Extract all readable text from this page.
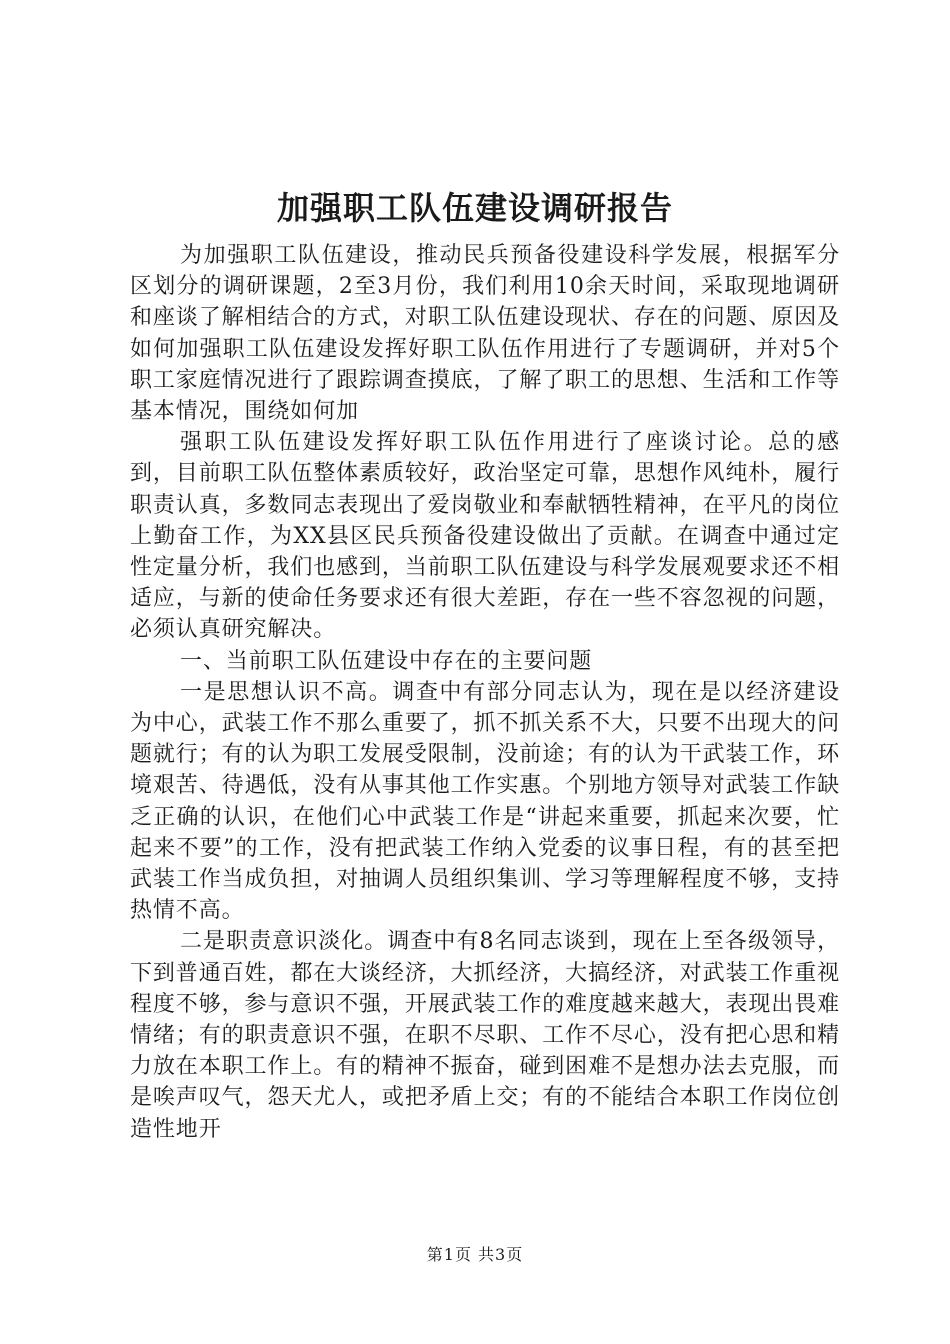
加强职工队伍建设调研报告

为加强职工队伍建设，推动民兵预备役建设科学发展，根据军分区划分的调研课题，2至3月份，我们利用10余天时间，采取现地调研和座谈了解相结合的方式，对职工队伍建设现状、存在的问题、原因及如何加强职工队伍建设发挥好职工队伍作用进行了专题调研，并对5个职工家庭情况进行了跟踪调查摸底，了解了职工的思想、生活和工作等基本情况，围绕如何加

强职工队伍建设发挥好职工队伍作用进行了座谈讨论。总的感到，目前职工队伍整体素质较好，政治坚定可靠，思想作风纯朴，履行职责认真，多数同志表现出了爱岗敬业和奉献牺牲精神，在平凡的岗位上勤奋工作，为XX县区民兵预备役建设做出了贡献。在调查中通过定性定量分析，我们也感到，当前职工队伍建设与科学发展观要求还不相适应，与新的使命任务要求还有很大差距，存在一些不容忽视的问题，必须认真研究解决。

一、当前职工队伍建设中存在的主要问题

一是思想认识不高。调查中有部分同志认为，现在是以经济建设为中心，武装工作不那么重要了，抓不抓关系不大，只要不出现大的问题就行；有的认为职工发展受限制，没前途；有的认为干武装工作，环境艰苦、待遇低，没有从事其他工作实惠。个别地方领导对武装工作缺乏正确的认识，在他们心中武装工作是“讲起来重要，抓起来次要，忙起来不要”的工作，没有把武装工作纳入党委的议事日程，有的甚至把武装工作当成负担，对抽调人员组织集训、学习等理解程度不够，支持热情不高。

二是职责意识淡化。调查中有8名同志谈到，现在上至各级领导，下到普通百姓，都在大谈经济，大抓经济，大搞经济，对武装工作重视程度不够，参与意识不强，开展武装工作的难度越来越大，表现出畏难情绪；有的职责意识不强，在职不尽职、工作不尽心，没有把心思和精力放在本职工作上。有的精神不振奋，碰到困难不是想办法去克服，而是唉声叹气，怨天尤人，或把矛盾上交；有的不能结合本职工作岗位创造性地开

第1页 共3页
